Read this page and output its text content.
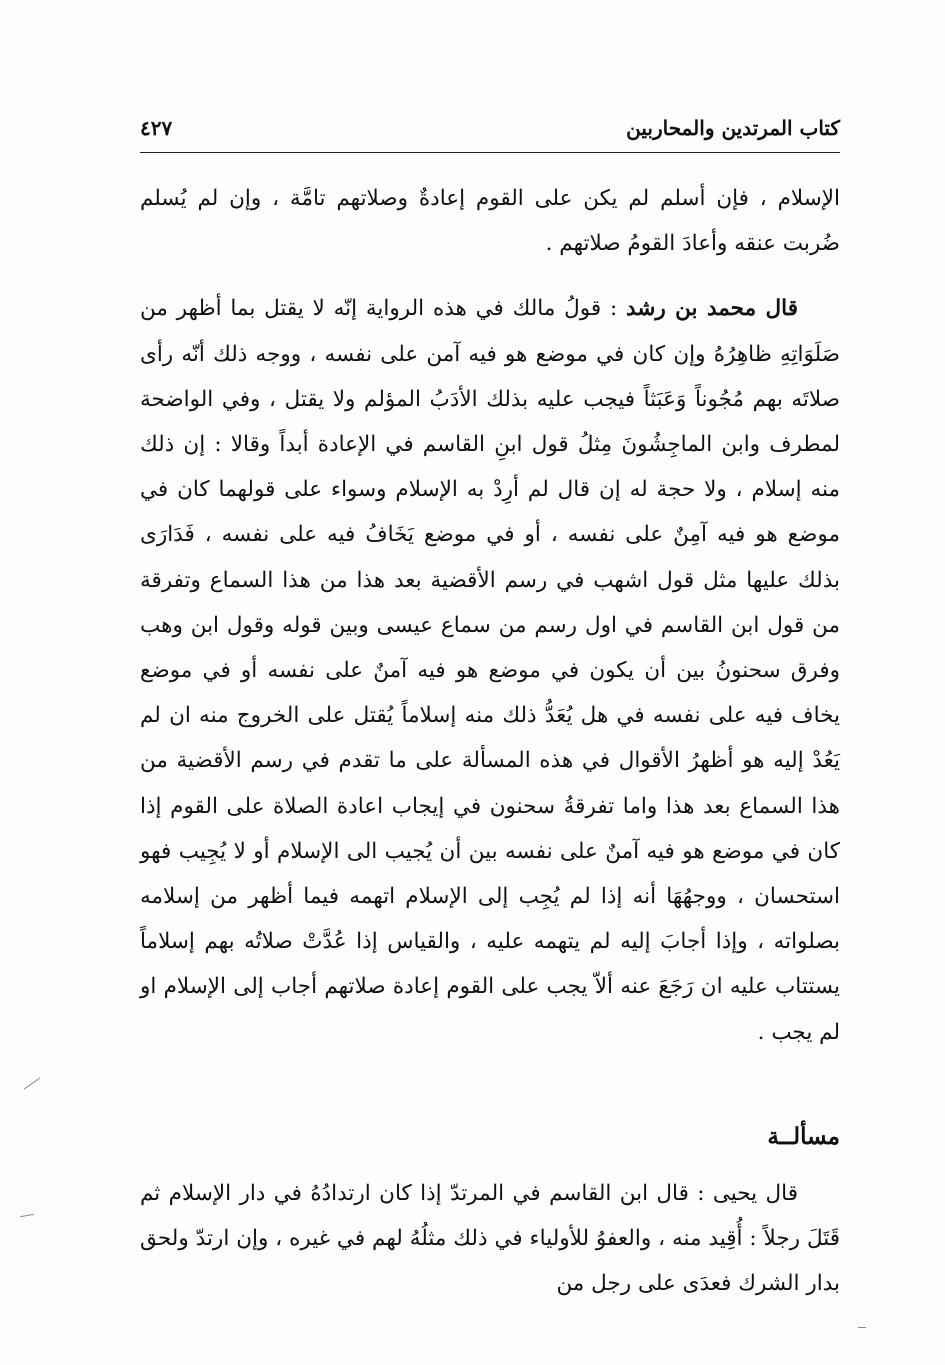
كتاب المرتدين والمحاربين
٤٢٧

الإسلام ، فإن أسلم لم يكن على القوم إعادةٌ وصلاتهم تامَّة ، وإن لم يُسلم ضُربت عنقه وأعادَ القومُ صلاتهم .

قال محمد بن رشد : قولُ مالك في هذه الرواية إنّه لا يقتل بما أظهر من صَلَوَاتِهِ ظاهِرُهُ وإن كان في موضع هو فيه آمن على نفسه ، ووجه ذلك أنّه رأى صلاتَه بهم مُجُوناً وَعَبَثاً فيجب عليه بذلك الأدَبُ المؤلم ولا يقتل ، وفي الواضحة لمطرف وابن الماجِشُونَ مِثلُ قول ابنِ القاسم في الإعادة أبداً وقالا : إن ذلك منه إسلام ، ولا حجة له إن قال لم أرِدْ به الإسلام وسواء على قولهما كان في موضع هو فيه آمِنٌ على نفسه ، أو في موضع يَخَافُ فيه على نفسه ، فَدَارَى بذلك عليها مثل قول اشهب في رسم الأقضية بعد هذا من هذا السماع وتفرقة من قول ابن القاسم في اول رسم من سماع عيسى وبين قوله وقول ابن وهب وفرق سحنونُ بين أن يكون في موضع هو فيه آمنٌ على نفسه أو في موضع يخاف فيه على نفسه في هل يُعَدُّ ذلك منه إسلاماً يُقتل على الخروج منه ان لم يَعُدْ إليه هو أظهرُ الأقوال في هذه المسألة على ما تقدم في رسم الأقضية من هذا السماع بعد هذا واما تفرقةُ سحنون في إيجاب اعادة الصلاة على القوم إذا كان في موضع هو فيه آمنٌ على نفسه بين أن يُجيب الى الإسلام أو لا يُجِيب فهو استحسان ، ووجهُهَا أنه إذا لم يُجِب إلى الإسلام اتهمه فيما أظهر من إسلامه بصلواته ، وإذا أجابَ إليه لم يتهمه عليه ، والقياس إذا عُدَّتْ صلاتُه بهم إسلاماً يستتاب عليه ان رَجَعَ عنه ألاّ يجب على القوم إعادة صلاتهم أجاب إلى الإسلام او لم يجب .

مسألــة

قال يحيى : قال ابن القاسم في المرتدّ إذا كان ارتدادُهُ في دار الإسلام ثم قَتَلَ رجلاً : أُقِيد منه ، والعفوُ للأولياء في ذلك مثلُهُ لهم في غيره ، وإن ارتدّ ولحق بدار الشرك فعدَى على رجل من
